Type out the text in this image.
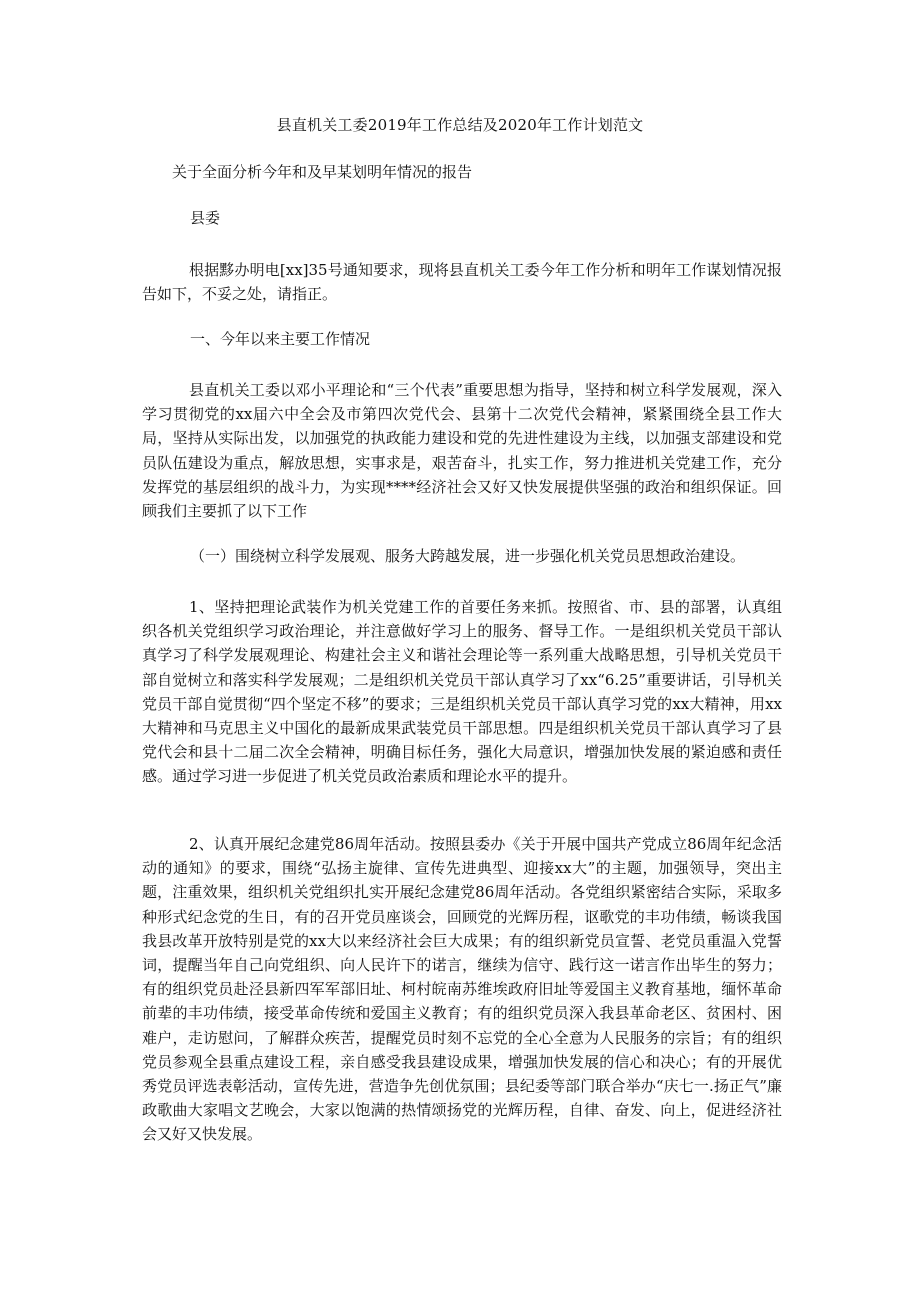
县直机关工委2019年工作总结及2020年工作计划范文
关于全面分析今年和及早某划明年情况的报告
县委
根据黟办明电[xx]35号通知要求，现将县直机关工委今年工作分析和明年工作谋划情况报告如下，不妥之处，请指正。
一、今年以来主要工作情况
县直机关工委以邓小平理论和“三个代表”重要思想为指导，坚持和树立科学发展观，深入学习贯彻党的xx届六中全会及市第四次党代会、县第十二次党代会精神，紧紧围绕全县工作大局，坚持从实际出发，以加强党的执政能力建设和党的先进性建设为主线，以加强支部建设和党员队伍建设为重点，解放思想，实事求是，艰苦奋斗，扎实工作，努力推进机关党建工作，充分发挥党的基层组织的战斗力，为实现****经济社会又好又快发展提供坚强的政治和组织保证。回顾我们主要抓了以下工作
（一）围绕树立科学发展观、服务大跨越发展，进一步强化机关党员思想政治建设。
1、坚持把理论武装作为机关党建工作的首要任务来抓。按照省、市、县的部署，认真组织各机关党组织学习政治理论，并注意做好学习上的服务、督导工作。一是组织机关党员干部认真学习了科学发展观理论、构建社会主义和谐社会理论等一系列重大战略思想，引导机关党员干部自觉树立和落实科学发展观；二是组织机关党员干部认真学习了xx“6.25”重要讲话，引导机关党员干部自觉贯彻“四个坚定不移”的要求；三是组织机关党员干部认真学习党的xx大精神，用xx大精神和马克思主义中国化的最新成果武装党员干部思想。四是组织机关党员干部认真学习了县党代会和县十二届二次全会精神，明确目标任务，强化大局意识，增强加快发展的紧迫感和责任感。通过学习进一步促进了机关党员政治素质和理论水平的提升。
2、认真开展纪念建党86周年活动。按照县委办《关于开展中国共产党成立86周年纪念活动的通知》的要求，围绕“弘扬主旋律、宣传先进典型、迎接xx大”的主题，加强领导，突出主题，注重效果，组织机关党组织扎实开展纪念建党86周年活动。各党组织紧密结合实际，采取多种形式纪念党的生日，有的召开党员座谈会，回顾党的光辉历程，讴歌党的丰功伟绩，畅谈我国我县改革开放特别是党的xx大以来经济社会巨大成果；有的组织新党员宣誓、老党员重温入党誓词，提醒当年自己向党组织、向人民许下的诺言，继续为信守、践行这一诺言作出毕生的努力；有的组织党员赴泾县新四军军部旧址、柯村皖南苏维埃政府旧址等爱国主义教育基地，缅怀革命前辈的丰功伟绩，接受革命传统和爱国主义教育；有的组织党员深入我县革命老区、贫困村、困难户，走访慰问，了解群众疾苦，提醒党员时刻不忘党的全心全意为人民服务的宗旨；有的组织党员参观全县重点建设工程，亲自感受我县建设成果，增强加快发展的信心和决心；有的开展优秀党员评选表彰活动，宣传先进，营造争先创优氛围；县纪委等部门联合举办“庆七一.扬正气”廉政歌曲大家唱文艺晚会，大家以饱满的热情颂扬党的光辉历程，自律、奋发、向上，促进经济社会又好又快发展。
